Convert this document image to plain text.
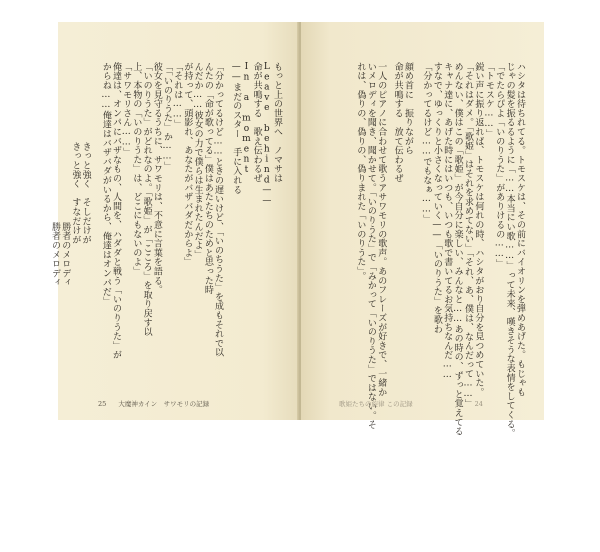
もっと上の世界へ　ノマサは
Leave behind——
命が共鳴する　歌え伝わるぜ
In a moment
——まだのスター　手に入れる
「分かってるけど……ときの遅いけど、「いのちうた」を成もそれで以
んたの「命が歌ってる」僕はあたたちのためと思った時
んだか……彼女の力で僕らは生まれたんだよ」
が持って、頭影れ、あなたがバザバダだからよ」
「それは……」
「「いのりうた」か……」
彼女を見守るうちに、サワモリは、不意に言葉を語る。
「いのりうた」がどれなのよ。「歌姫」が「こころ」を取り戻す以
上、本物の「いのりうた」は、どこにもないのよ」
「サワモリさん……」
俺達は、オンパにバザなもの、人間を、ハダダと戦う「いのりうた」が
からね……俺達はバザバダがいるから、俺達はオンパだ」
きっと強く　そしだけが
きっと強く　すなだけが
勝者のメロディ
勝者のメロディ
25 大魔神カイン　サワモリの記録
ハシタは待ちれてる。トモスケは、その前にバイオリンを弾めあげた。もじゃも
じゃの髪を振るるように「……本当にい歌……」って未来、嘆きそうな表情をしてくる。
「でたらぴよ「いのりうた」がありけるの……」
「トモスケ……」
鋭い声に振り返れば、トモスケは何れの時、ハシタがおり自分を見つめていた。
「それはダメ。「歌姫」はそれを求めてない」「それ、あ、僕は、なんだって……」
めんない、僕はこの「歌姫」が今自分に楽しい、みんなと……あの時の、ずっと覚えてる
キャナ達に、あげた時にはいつも、いつも歌で書いてるお気持ちなんだ……
すなで、ゆっくりと小さくなっていく——「いのりうた」を歌わ
「分かってるけど……でもなぁ……」
顔め首に　振りながら
命が共鳴する　放て伝わるぜ
一人のピアノに合わせて歌うアサワモリの歌声。あのフレーズが好きで、一緒か
いメロディを聞き、聞かせて。「いのりうた」で「みかって「いのりうた」ではない。そ
れは、偽りの、偽りの、偽りまれた「いのりうた」。
歌姫たちの旋律 この記録	24
